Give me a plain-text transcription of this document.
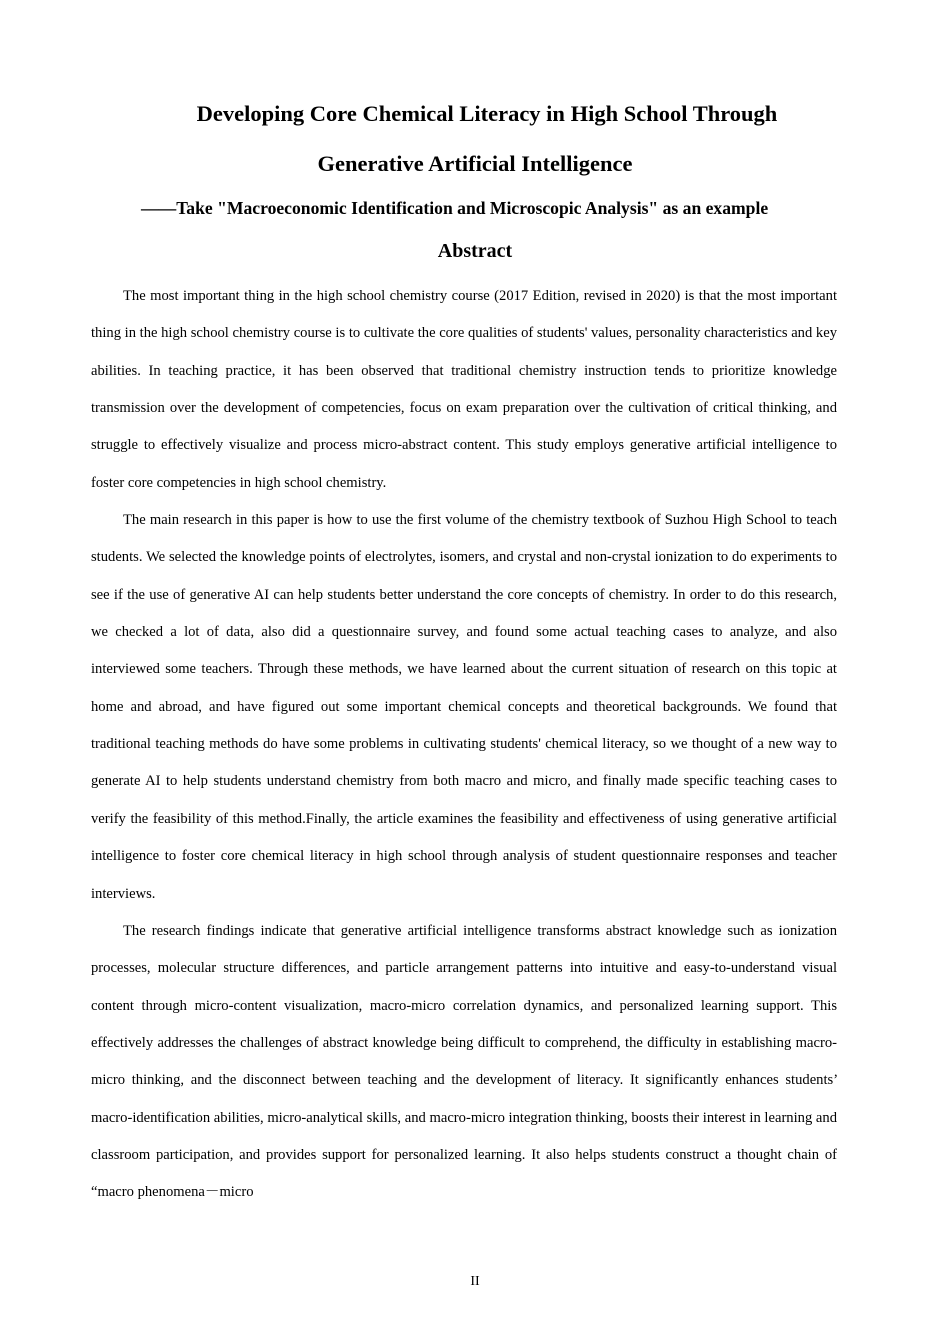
Developing Core Chemical Literacy in High School Through
Generative Artificial Intelligence
——Take "Macroeconomic Identification and Microscopic Analysis" as an example
Abstract

The most important thing in the high school chemistry course (2017 Edition, revised in 2020) is that the most important thing in the high school chemistry course is to cultivate the core qualities of students' values, personality characteristics and key abilities. In teaching practice, it has been observed that traditional chemistry instruction tends to prioritize knowledge transmission over the development of competencies, focus on exam preparation over the cultivation of critical thinking, and struggle to effectively visualize and process micro-abstract content. This study employs generative artificial intelligence to foster core competencies in high school chemistry.

The main research in this paper is how to use the first volume of the chemistry textbook of Suzhou High School to teach students. We selected the knowledge points of electrolytes, isomers, and crystal and non-crystal ionization to do experiments to see if the use of generative AI can help students better understand the core concepts of chemistry. In order to do this research, we checked a lot of data, also did a questionnaire survey, and found some actual teaching cases to analyze, and also interviewed some teachers. Through these methods, we have learned about the current situation of research on this topic at home and abroad, and have figured out some important chemical concepts and theoretical backgrounds. We found that traditional teaching methods do have some problems in cultivating students' chemical literacy, so we thought of a new way to generate AI to help students understand chemistry from both macro and micro, and finally made specific teaching cases to verify the feasibility of this method.Finally, the article examines the feasibility and effectiveness of using generative artificial intelligence to foster core chemical literacy in high school through analysis of student questionnaire responses and teacher interviews.

The research findings indicate that generative artificial intelligence transforms abstract knowledge such as ionization processes, molecular structure differences, and particle arrangement patterns into intuitive and easy-to-understand visual content through micro-content visualization, macro-micro correlation dynamics, and personalized learning support. This effectively addresses the challenges of abstract knowledge being difficult to comprehend, the difficulty in establishing macro-micro thinking, and the disconnect between teaching and the development of literacy. It significantly enhances students’　macro-identification abilities, micro-analytical skills, and macro-micro integration thinking, boosts their interest in learning and classroom participation, and provides support for personalized learning. It also helps students construct a thought chain of “macro phenomena－micro

II
